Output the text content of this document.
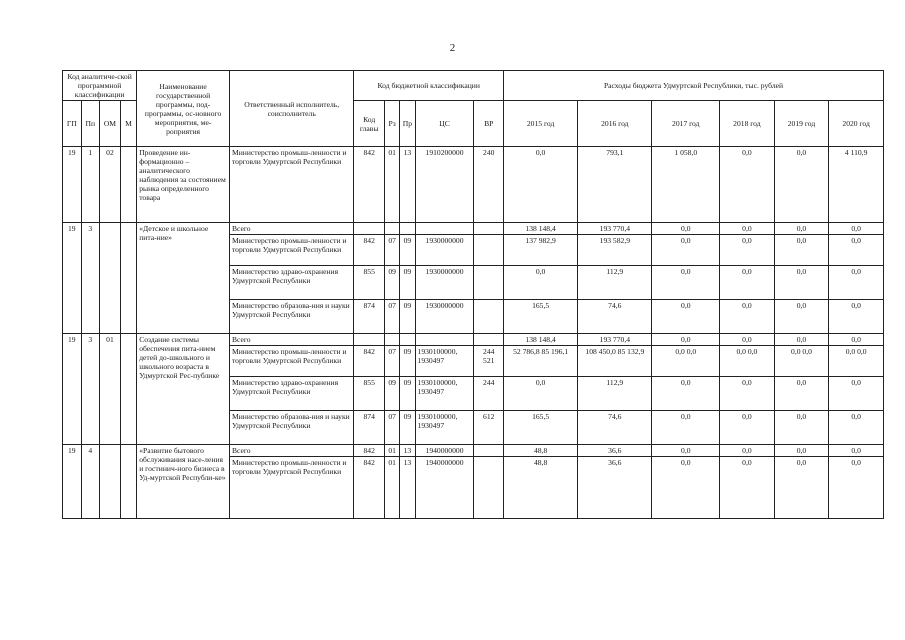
2
Код аналитиче-ской программной классификации				Наименование государственной программы, под-программы, ос-новного мероприятия, ме-роприятия	Ответственный исполнитель, соисполнитель	Код бюджетной классификации					Расходы бюджета Удмуртской Республики, тыс. рублей					
ГП	Пп	ОМ	М			Код главы	Рз	Пр	ЦС	ВР	2015 год	2016 год	2017 год	2018 год	2019 год	2020 год
19	1	02		Проведение ин-формационно – аналитического наблюдения за состоянием рынка определенного товара	Министерство промыш-ленности и торговли Удмуртской Республики	842	01	13	1910200000	240	0,0	793,1	1 058,0	0,0	0,0	4 110,9
19	3			«Детское и школьное пита-ние»	Всего						138 148,4	193 770,4	0,0	0,0	0,0	0,0
					Министерство промыш-ленности и торговли Удмуртской Республики	842	07	09	1930000000		137 982,9	193 582,9	0,0	0,0	0,0	0,0
					Министерство здраво-охранения Удмуртской Республики	855	09	09	1930000000		0,0	112,9	0,0	0,0	0,0	0,0
					Министерство образова-ния и науки Удмуртской Республики	874	07	09	1930000000		165,5	74,6	0,0	0,0	0,0	0,0
19	3	01		Создание системы обеспечения пита-нием детей до-школьного и школьного возраста в Удмуртской Рес-публике	Всего						138 148,4	193 770,4	0,0	0,0	0,0	0,0
					Министерство промыш-ленности и торговли Удмуртской Республики	842	07	09	1930100000, 1930497	244 521	52 786,8 85 196,1	108 450,0 85 132,9	0,0 0,0	0,0 0,0	0,0 0,0	0,0 0,0
					Министерство здраво-охранения Удмуртской Республики	855	09	09	1930100000, 1930497	244	0,0	112,9	0,0	0,0	0,0	0,0
					Министерство образова-ния и науки Удмуртской Республики	874	07	09	1930100000, 1930497	612	165,5	74,6	0,0	0,0	0,0	0,0
19	4			«Развитие бытового обслуживания насе-ления и гостинич-ного бизнеса в Уд-муртской Республи-ке»	Всего	842	01	13	1940000000		48,8	36,6	0,0	0,0	0,0	0,0
					Министерство промыш-ленности и торговли Удмуртской Республики	842	01	13	1940000000		48,8	36,6	0,0	0,0	0,0	0,0
